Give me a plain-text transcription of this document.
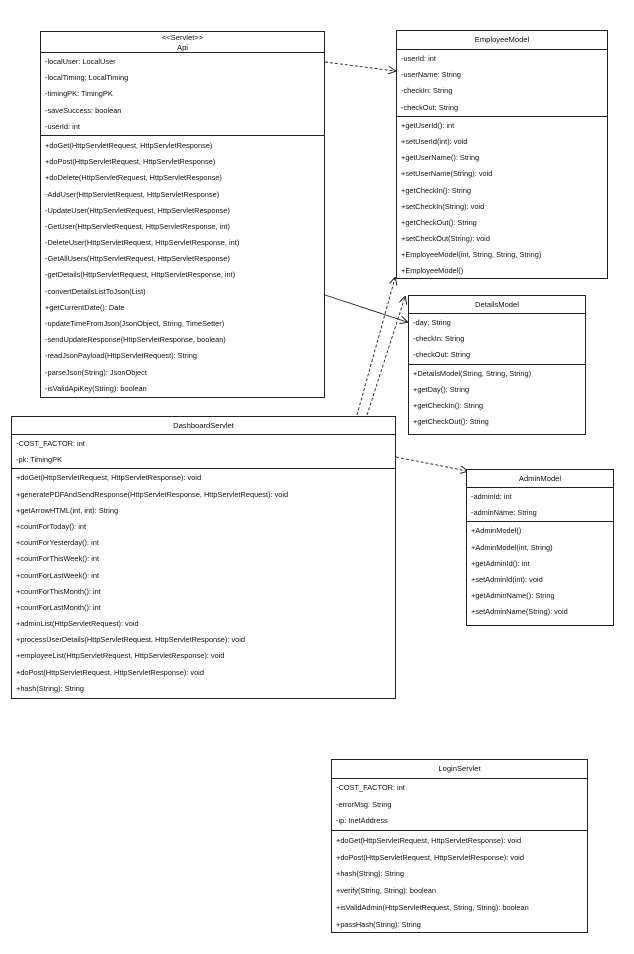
<<Servlet>>
Api
-localUser: LocalUser
-localTiming: LocalTiming
-timingPK: TimingPK
-saveSuccess: boolean
-userId: int
+doGet(HttpServletRequest, HttpServletResponse)
+doPost(HttpServletRequest, HttpServletResponse)
+doDelete(HttpServletRequest, HttpServletResponse)
-AddUser(HttpServletRequest, HttpServletResponse)
-UpdateUser(HttpServletRequest, HttpServletResponse)
-GetUser(HttpServletRequest, HttpServletResponse, int)
-DeleteUser(HttpServletRequest, HttpServletResponse, int)
-GetAllUsers(HttpServletRequest, HttpServletResponse)
-getDetails(HttpServletRequest, HttpServletResponse, int)
-convertDetailsListToJson(List)
+getCurrentDate(): Date
-updateTimeFromJson(JsonObject, String, TimeSetter)
-sendUpdateResponse(HttpServletResponse, boolean)
-readJsonPayload(HttpServletRequest): String
-parseJson(String): JsonObject
-isValidApiKey(String): boolean
EmployeeModel
-userId: int
-userName: String
-checkIn: String
-checkOut: String
+getUserId(): int
+setUserId(int): void
+getUserName(): String
+setUserName(String): void
+getCheckIn(): String
+setCheckIn(String): void
+getCheckOut(): String
+setCheckOut(String): void
+EmployeeModel(int, String, String, String)
+EmployeeModel()
DetailsModel
-day: String
-checkIn: String
-checkOut: String
+DetailsModel(String, String, String)
+getDay(): String
+getCheckIn(): String
+getCheckOut(): String
DashboardServlet
-COST_FACTOR: int
-pk: TimingPK
+doGet(HttpServletRequest, HttpServletResponse): void
+generatePDFAndSendResponse(HttpServletResponse, HttpServletRequest): void
+getArrowHTML(int, int): String
+countForToday(): int
+countForYesterday(): int
+countForThisWeek(): int
+countForLastWeek(): int
+countForThisMonth(): int
+countForLastMonth(): int
+adminList(HttpServletRequest): void
+processUserDetails(HttpServletRequest, HttpServletResponse): void
+employeeList(HttpServletRequest, HttpServletResponse): void
+doPost(HttpServletRequest, HttpServletResponse): void
+hash(String): String
AdminModel
-adminId: int
-adminName: String
+AdminModel()
+AdminModel(int, String)
+getAdminId(): int
+setAdminId(int): void
+getAdminName(): String
+setAdminName(String): void
LoginServlet
-COST_FACTOR: int
-errorMsg: String
-ip: InetAddress
+doGet(HttpServletRequest, HttpServletResponse): void
+doPost(HttpServletRequest, HttpServletResponse): void
+hash(String): String
+verify(String, String): boolean
+isValidAdmin(HttpServletRequest, String, String): boolean
+passHash(String): String
